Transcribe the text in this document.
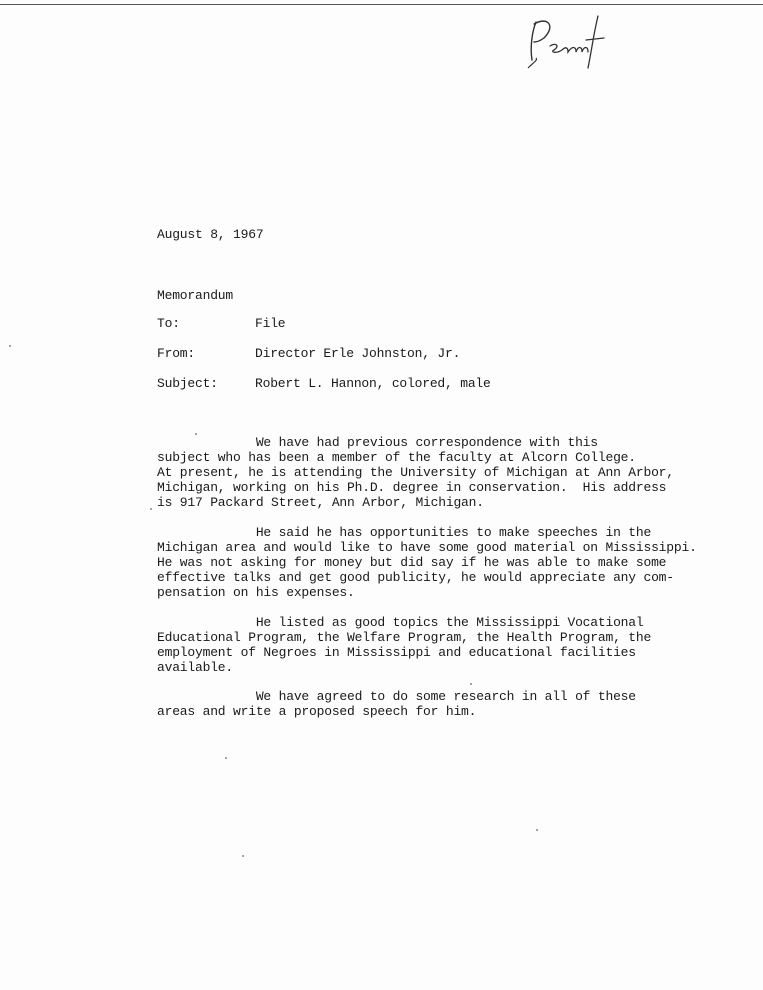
August 8, 1967
Memorandum
To:	File
From:	Director Erle Johnston, Jr.
Subject:	Robert L. Hannon, colored, male
We have had previous correspondence with this
subject who has been a member of the faculty at Alcorn College.
At present, he is attending the University of Michigan at Ann Arbor,
Michigan, working on his Ph.D. degree in conservation.  His address
is 917 Packard Street, Ann Arbor, Michigan.
He said he has opportunities to make speeches in the
Michigan area and would like to have some good material on Mississippi.
He was not asking for money but did say if he was able to make some
effective talks and get good publicity, he would appreciate any com-
pensation on his expenses.
He listed as good topics the Mississippi Vocational
Educational Program, the Welfare Program, the Health Program, the
employment of Negroes in Mississippi and educational facilities
available.
We have agreed to do some research in all of these
areas and write a proposed speech for him.
